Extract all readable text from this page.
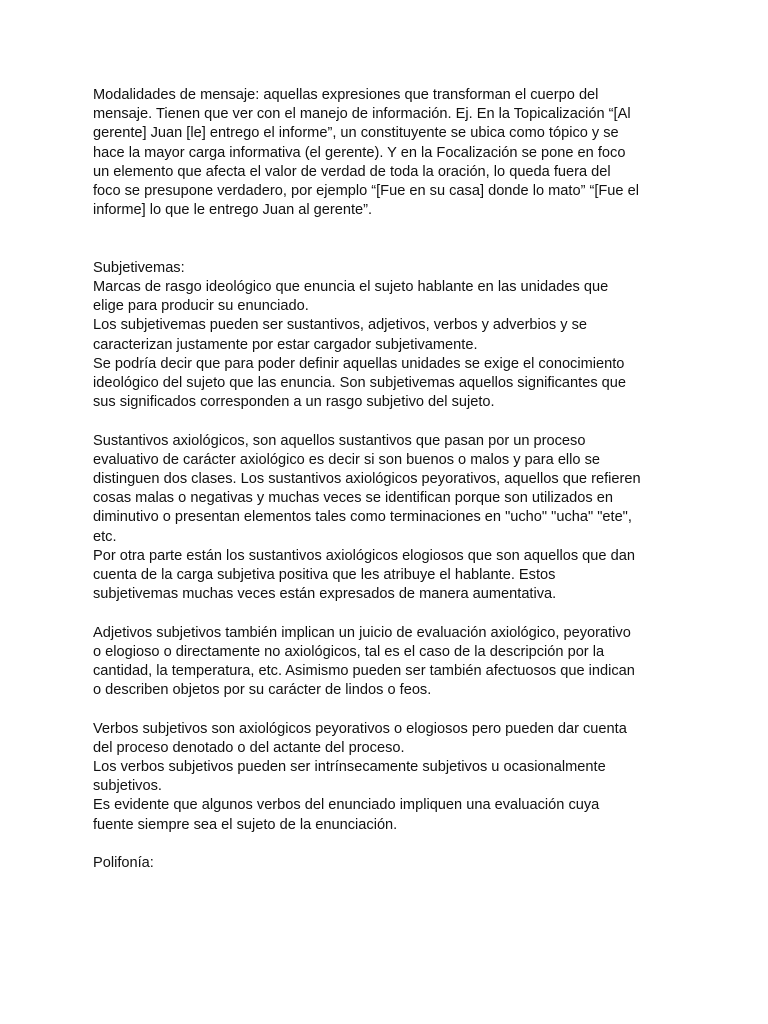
Modalidades de mensaje: aquellas expresiones que transforman el cuerpo del
mensaje. Tienen que ver con el manejo de información. Ej. En la Topicalización “[Al
gerente] Juan [le] entrego el informe”, un constituyente se ubica como tópico y se
hace la mayor carga informativa (el gerente). Y en la Focalización se pone en foco
un elemento que afecta el valor de verdad de toda la oración, lo queda fuera del
foco se presupone verdadero, por ejemplo “[Fue en su casa] donde lo mato” “[Fue el
informe] lo que le entrego Juan al gerente”.
Subjetivemas:
Marcas de rasgo ideológico que enuncia el sujeto hablante en las unidades que
elige para producir su enunciado.
Los subjetivemas pueden ser sustantivos, adjetivos, verbos y adverbios y se
caracterizan justamente por estar cargador subjetivamente.
Se podría decir que para poder definir aquellas unidades se exige el conocimiento
ideológico del sujeto que las enuncia. Son subjetivemas aquellos significantes que
sus significados corresponden a un rasgo subjetivo del sujeto.
Sustantivos axiológicos, son aquellos sustantivos que pasan por un proceso
evaluativo de carácter axiológico es decir si son buenos o malos y para ello se
distinguen dos clases. Los sustantivos axiológicos peyorativos, aquellos que refieren
cosas malas o negativas y muchas veces se identifican porque son utilizados en
diminutivo o presentan elementos tales como terminaciones en "ucho" "ucha" "ete",
etc.
Por otra parte están los sustantivos axiológicos elogiosos que son aquellos que dan
cuenta de la carga subjetiva positiva que les atribuye el hablante. Estos
subjetivemas muchas veces están expresados de manera aumentativa.
Adjetivos subjetivos también implican un juicio de evaluación axiológico, peyorativo
o elogioso o directamente no axiológicos, tal es el caso de la descripción por la
cantidad, la temperatura, etc. Asimismo pueden ser también afectuosos que indican
o describen objetos por su carácter de lindos o feos.
Verbos subjetivos son axiológicos peyorativos o elogiosos pero pueden dar cuenta
del proceso denotado o del actante del proceso.
Los verbos subjetivos pueden ser intrínsecamente subjetivos u ocasionalmente
subjetivos.
Es evidente que algunos verbos del enunciado impliquen una evaluación cuya
fuente siempre sea el sujeto de la enunciación.
Polifonía:
